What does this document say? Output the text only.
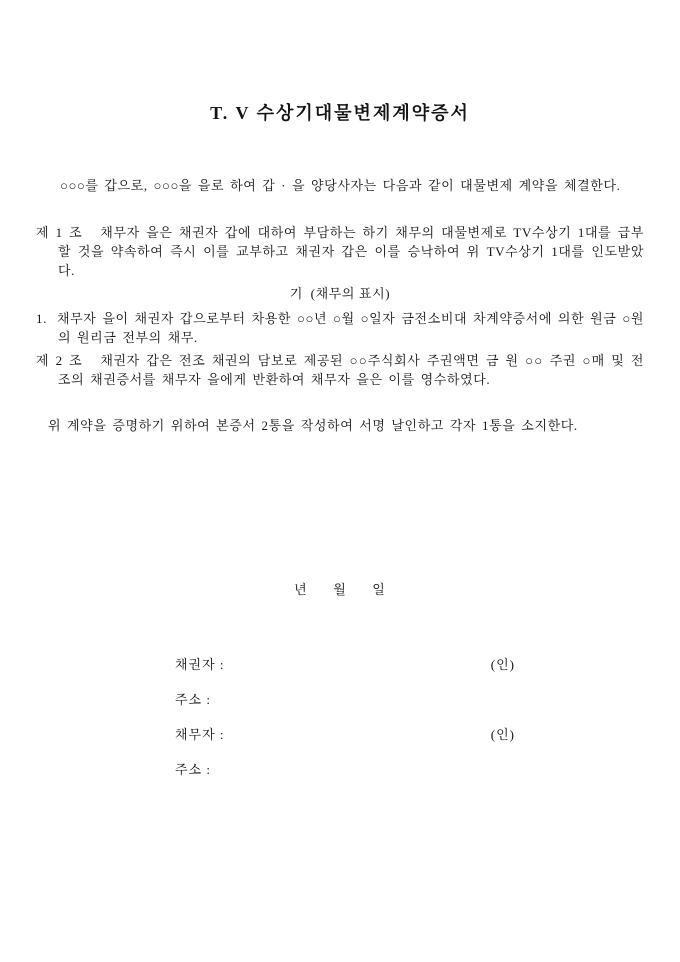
T. V 수상기대물변제계약증서

○○○를 갑으로, ○○○을 을로 하여 갑 · 을 양당사자는 다음과 같이 대물변제 계약을 체결한다.

제 1 조 채무자 을은 채권자 갑에 대하여 부담하는 하기 채무의 대물변제로 TV수상기 1대를 급부할 것을 약속하여 즉시 이를 교부하고 채권자 갑은 이를 승낙하여 위 TV수상기 1대를 인도받았다.

기  (채무의 표시)

1. 채무자 을이 채권자 갑으로부터 차용한 ○○년 ○월 ○일자 금전소비대 차계약증서에 의한 원금 ○원의 원리금 전부의 채무.

제 2 조 채권자 갑은 전조 채권의 담보로 제공된 ○○주식회사 주권액면 금 원 ○○ 주권 ○매 및 전조의 채권증서를 채무자 을에게 반환하여 채무자 을은 이를 영수하였다.

위 계약을 증명하기 위하여 본증서 2통을 작성하여 서명 날인하고 각자 1통을 소지한다.

년      월      일
채권자 :	(인)
주소 :
채무자 :	(인)
주소 :
